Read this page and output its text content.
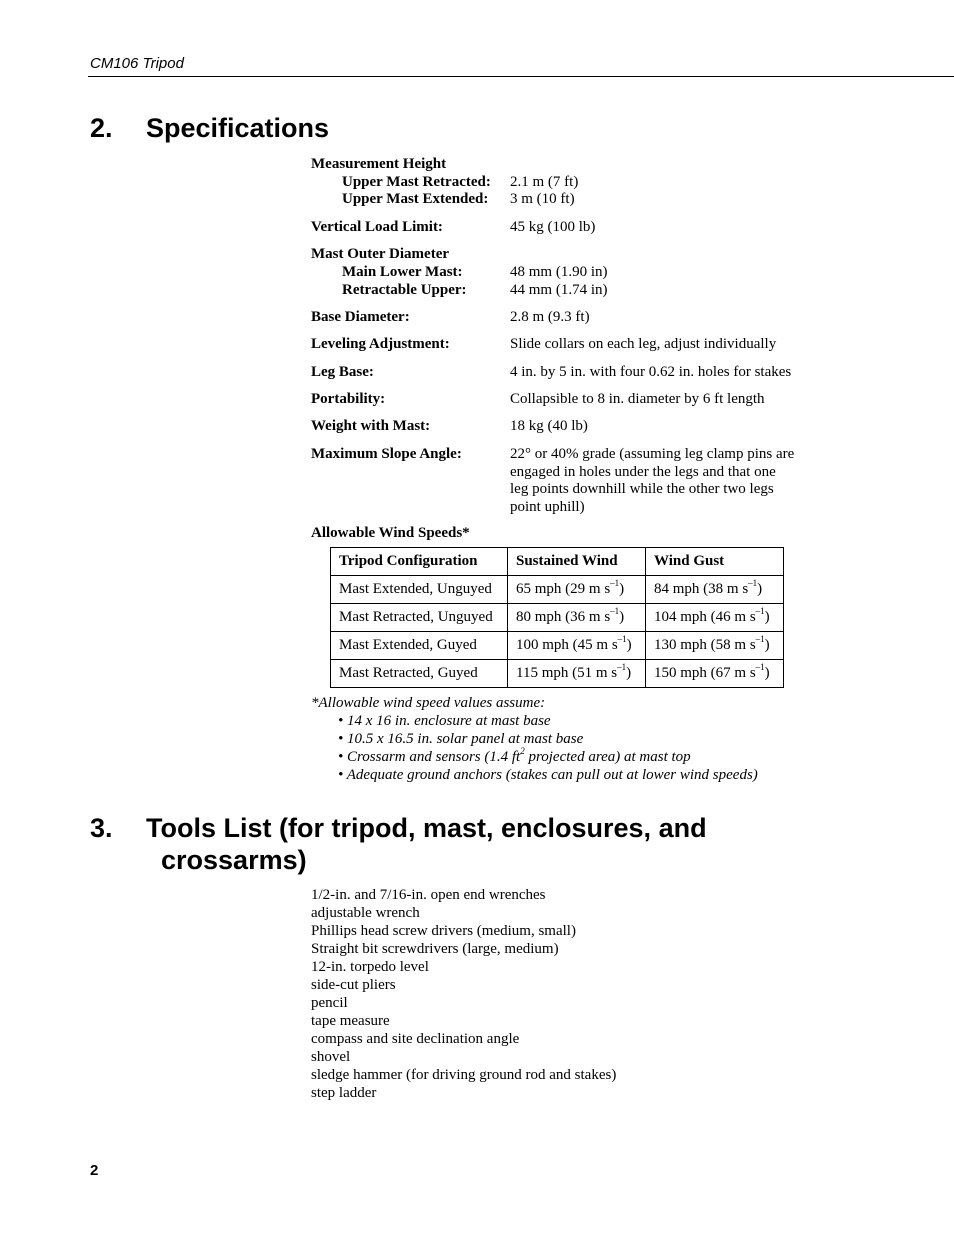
CM106 Tripod
2. Specifications
Measurement Height
Upper Mast Retracted: 2.1 m (7 ft)
Upper Mast Extended: 3 m (10 ft)
Vertical Load Limit:	45 kg (100 lb)
Mast Outer Diameter
Main Lower Mast:	48 mm (1.90 in)
Retractable Upper:	44 mm (1.74 in)
Base Diameter:	2.8 m (9.3 ft)
Leveling Adjustment:	Slide collars on each leg, adjust individually
Leg Base:	4 in. by 5 in. with four 0.62 in. holes for stakes
Portability:	Collapsible to 8 in. diameter by 6 ft length
Weight with Mast:	18 kg (40 lb)
Maximum Slope Angle:	22° or 40% grade (assuming leg clamp pins are
engaged in holes under the legs and that one
leg points downhill while the other two legs
point uphill)
Allowable Wind Speeds*
Tripod Configuration	Sustained Wind	Wind Gust
Mast Extended, Unguyed	65 mph (29 m $s^{-1}$)	84 mph (38 m $s^{-1}$)
Mast Retracted, Unguyed	80 mph (36 m $s^{-1}$)	104 mph (46 m $s^{-1}$)
Mast Extended, Guyed	100 mph (45 m $s^{-1}$)	130 mph (58 m $s^{-1}$)
Mast Retracted, Guyed	115 mph (51 m $s^{-1}$)	150 mph (67 m $s^{-1}$)
*Allowable wind speed values assume:
• 14 x 16 in. enclosure at mast base
• 10.5 x 16.5 in. solar panel at mast base
• Crossarm and sensors (1.4 $ft^2$ projected area) at mast top
• Adequate ground anchors (stakes can pull out at lower wind speeds)
3. Tools List (for tripod, mast, enclosures, and
crossarms)
1/2-in. and 7/16-in. open end wrenches
adjustable wrench
Phillips head screw drivers (medium, small)
Straight bit screwdrivers (large, medium)
12-in. torpedo level
side-cut pliers
pencil
tape measure
compass and site declination angle
shovel
sledge hammer (for driving ground rod and stakes)
step ladder
2
